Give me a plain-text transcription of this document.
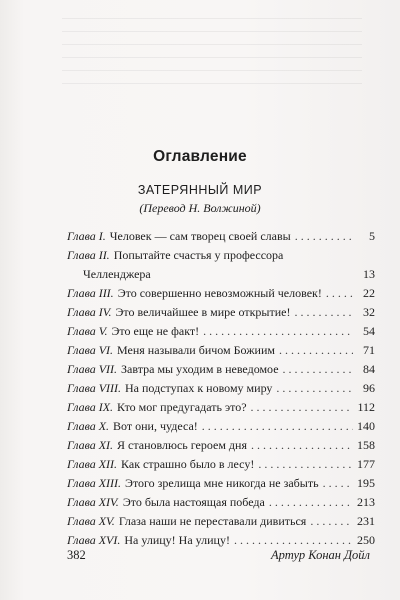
Оглавление
ЗАТЕРЯННЫЙ МИР
(Перевод Н. Волжиной)
Глава I. Человек — сам творец своей славы . . .	5
Глава II. Попытайте счастья у профессора
Челленджера	13
Глава III. Это совершенно невозможный человек! . . .	22
Глава IV. Это величайшее в мире открытие! . . .	32
Глава V. Это еще не факт! . . .	54
Глава VI. Меня называли бичом Божиим . . .	71
Глава VII. Завтра мы уходим в неведомое . . .	84
Глава VIII. На подступах к новому миру . . .	96
Глава IX. Кто мог предугадать это? . . .	112
Глава X. Вот они, чудеса! . . .	140
Глава XI. Я становлюсь героем дня . . .	158
Глава XII. Как страшно было в лесу! . . .	177
Глава XIII. Этого зрелища мне никогда не забыть . . .	195
Глава XIV. Это была настоящая победа . . .	213
Глава XV. Глаза наши не переставали дивиться . . .	231
Глава XVI. На улицу! На улицу! . . .	250
382	Артур Конан Дойл
